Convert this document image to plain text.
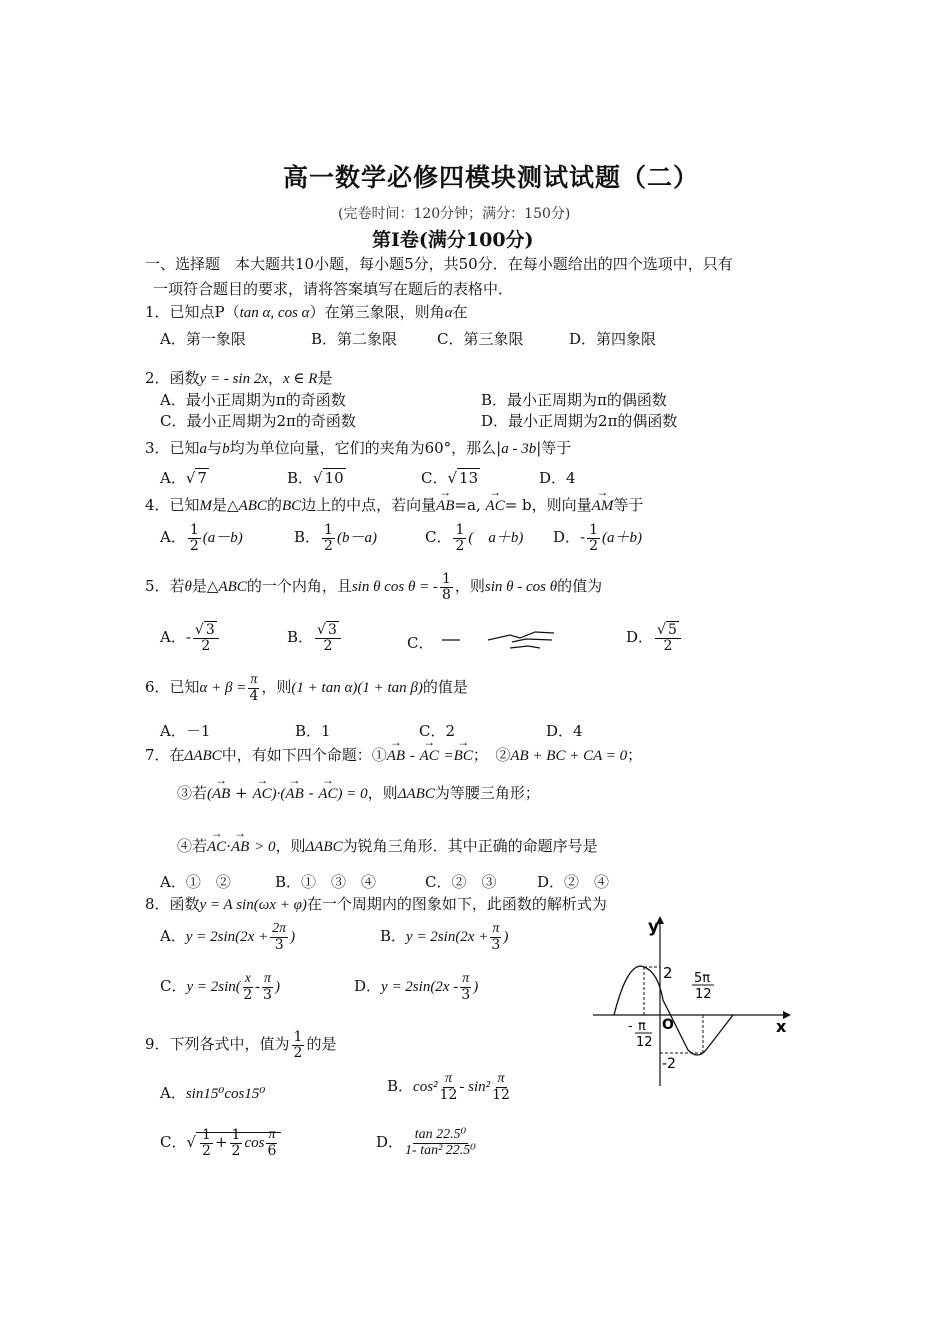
高一数学必修四模块测试试题（二）
(完卷时间：120分钟；满分：150分)
第Ⅰ卷(满分100分)
一、选择题　本大题共10小题，每小题5分，共50分．在每小题给出的四个选项中，只有
一项符合题目的要求，请将答案填写在题后的表格中．
1．已知点P（tan α, cos α）在第三象限，则角α在
A．第一象限	B．第二象限	C．第三象限	D．第四象限
2．函数y = - sin 2x，x ∈ R是
A．最小正周期为π的奇函数	B．最小正周期为π的偶函数
C．最小正周期为2π的奇函数	D．最小正周期为2π的偶函数
3．已知a与b均为单位向量，它们的夹角为60°，那么|a - 3b|等于
A．√ 7	B．√ 10	C．√ 13	D．4
4．已知M是△ABC的BC边上的中点，若向量→ AB=a, → AC= b，则向量→ AM等于
A． $\frac{1}{2} (a-b)$	B． $\frac{1}{2} (b-a)$	C． $\frac{1}{2}$ (　a＋b) D．- $\frac{1}{2} (a+b)$
5．若θ是△ABC的一个内角，且sin θ cos θ = - $\frac{1}{8}$ ，则sin θ - cos θ的值为
A．- $\frac{√ 3}{2}$	B． $\frac{√ 3}{2}$	C．	D． $\frac{√ 5}{2}$
6．已知$\alpha + \beta = \frac{\pi}{4}$ ，则(1 + tan α)(1 + tan β)的值是
A．－1	B．1	C．2	D．4
7．在ΔABC中，有如下四个命题：①→ AB - → AC =→ BC；　②AB + BC + CA = 0；
③若(→ AB + → AC)·(→ AB - → AC) = 0，则ΔABC为等腰三角形；
④若→ AC·→ AB > 0，则ΔABC为锐角三角形．其中正确的命题序号是
A．①　②	B．①　③　④	C．②　③	D．②　④
8．函数y = A sin(ωx + φ)在一个周期内的图象如下，此函数的解析式为
A．$y = 2\sin(2x + \frac{2\pi}{3}$ )	B．$y = 2\sin(2x + \frac{\pi}{3}$ )
C．$y = 2\sin( \frac{x}{2} - \frac{\pi}{3}$ )	D．$y = 2\sin(2x - \frac{\pi}{3}$ )
y
x
O
2
-2
- π
12
5π
12
9．下列各式中，值为 $\frac{1}{2}$ 的是
A．sin15⁰cos15⁰	B．$\cos^2 \frac{\pi}{12} - \sin^2 \frac{\pi}{12}$
C．√ $\frac{1}{2} + \frac{1}{2}$ $\cos \frac{\pi}{6}$	D． $\frac{\text{tan 22.5⁰}}{\text{1- tan² 22.5⁰}}$
